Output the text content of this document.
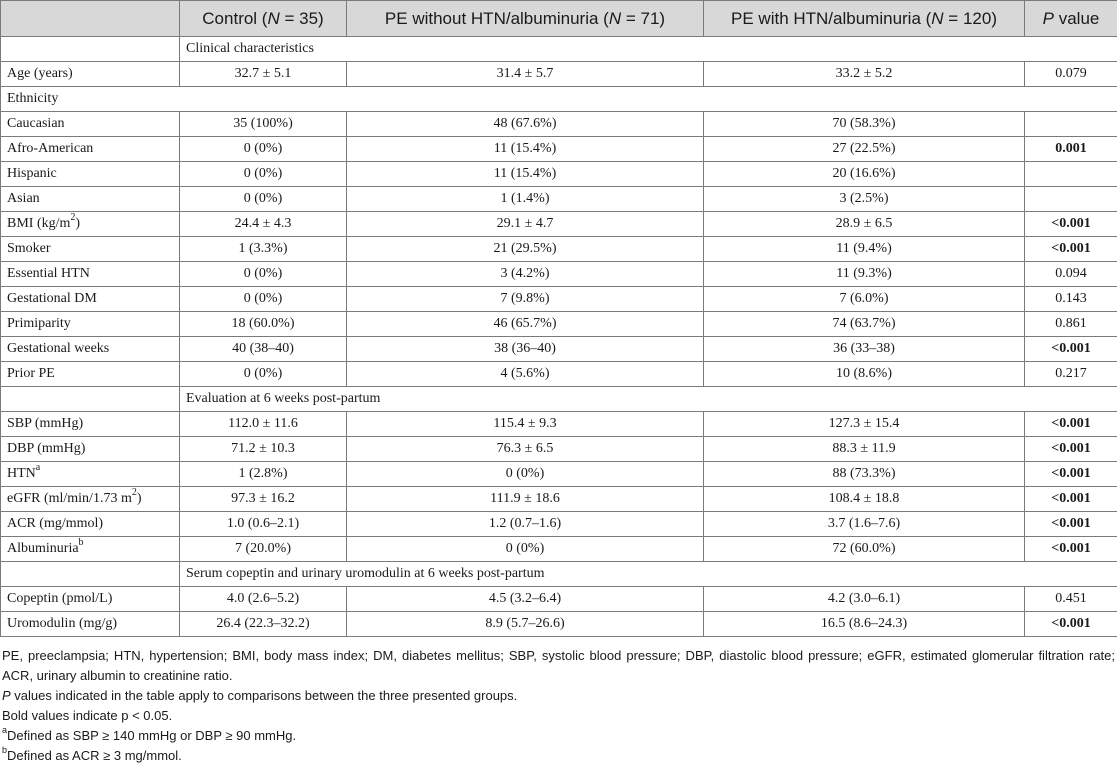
	Control (N = 35)	PE without HTN/albuminuria (N = 71)	PE with HTN/albuminuria (N = 120)	P value
	Clinical characteristics			
Age (years)	32.7 ± 5.1	31.4 ± 5.7	33.2 ± 5.2	0.079
Ethnicity				
Caucasian	35 (100%)	48 (67.6%)	70 (58.3%)	
Afro-American	0 (0%)	11 (15.4%)	27 (22.5%)	0.001
Hispanic	0 (0%)	11 (15.4%)	20 (16.6%)	
Asian	0 (0%)	1 (1.4%)	3 (2.5%)	
BMI $(kg/m^2)$	24.4 ± 4.3	29.1 ± 4.7	28.9 ± 6.5	<0.001
Smoker	1 (3.3%)	21 (29.5%)	11 (9.4%)	<0.001
Essential HTN	0 (0%)	3 (4.2%)	11 (9.3%)	0.094
Gestational DM	0 (0%)	7 (9.8%)	7 (6.0%)	0.143
Primiparity	18 (60.0%)	46 (65.7%)	74 (63.7%)	0.861
Gestational weeks	40 (38–40)	38 (36–40)	36 (33–38)	<0.001
Prior PE	0 (0%)	4 (5.6%)	10 (8.6%)	0.217
	Evaluation at 6 weeks post-partum			
SBP (mmHg)	112.0 ± 11.6	115.4 ± 9.3	127.3 ± 15.4	<0.001
DBP (mmHg)	71.2 ± 10.3	76.3 ± 6.5	88.3 ± 11.9	<0.001
HTN$^a$	1 (2.8%)	0 (0%)	88 (73.3%)	<0.001
eGFR (ml/min/1.73 $m^2$)	97.3 ± 16.2	111.9 ± 18.6	108.4 ± 18.8	<0.001
ACR (mg/mmol)	1.0 (0.6–2.1)	1.2 (0.7–1.6)	3.7 (1.6–7.6)	<0.001
Albuminuria$^b$	7 (20.0%)	0 (0%)	72 (60.0%)	<0.001
	Serum copeptin and urinary uromodulin at 6 weeks post-partum			
Copeptin (pmol/L)	4.0 (2.6–5.2)	4.5 (3.2–6.4)	4.2 (3.0–6.1)	0.451
Uromodulin (mg/g)	26.4 (22.3–32.2)	8.9 (5.7–26.6)	16.5 (8.6–24.3)	<0.001

PE, preeclampsia; HTN, hypertension; BMI, body mass index; DM, diabetes mellitus; SBP, systolic blood pressure; DBP, diastolic blood pressure; eGFR, estimated glomerular filtration rate; ACR, urinary albumin to creatinine ratio.

P values indicated in the table apply to comparisons between the three presented groups.

Bold values indicate p < 0.05.

$^a$Defined as SBP ≥ 140 mmHg or DBP ≥ 90 mmHg.

$^b$Defined as ACR ≥ 3 mg/mmol.
